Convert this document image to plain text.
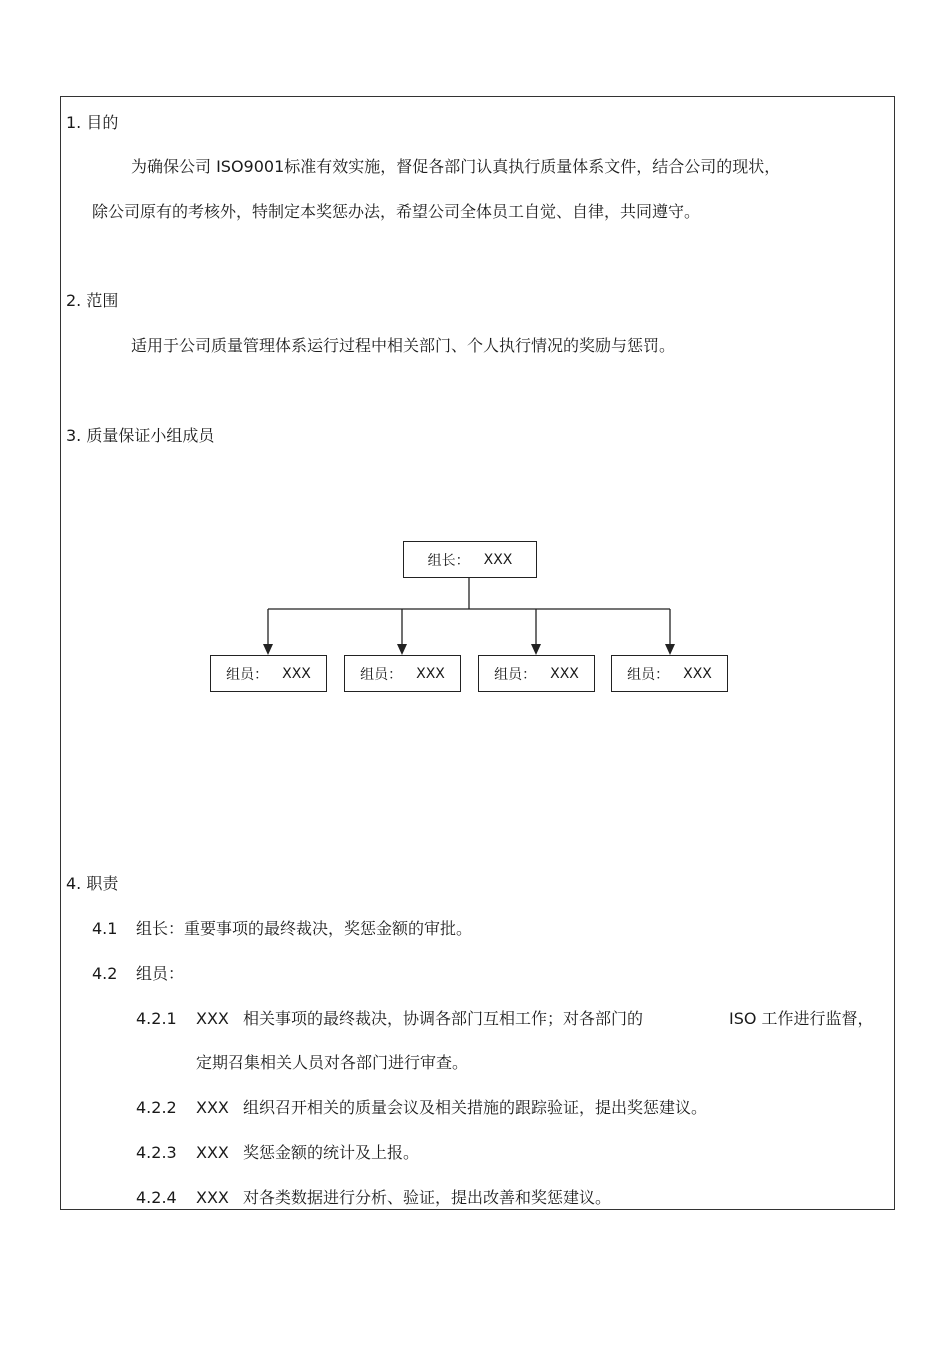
1. 目的
为确保公司 ISO9001标准有效实施，督促各部门认真执行质量体系文件，结合公司的现状，
除公司原有的考核外，特制定本奖惩办法，希望公司全体员工自觉、自律，共同遵守。
2. 范围
适用于公司质量管理体系运行过程中相关部门、个人执行情况的奖励与惩罚。
3. 质量保证小组成员
组长： XXX
组员： XXX	组员： XXX	组员： XXX	组员： XXX
4. 职责
4.1 组长：重要事项的最终裁决，奖惩金额的审批。
4.2 组员：
4.2.1 XXX 相关事项的最终裁决，协调各部门互相工作；对各部门的	ISO 工作进行监督，
定期召集相关人员对各部门进行审查。
4.2.2 XXX 组织召开相关的质量会议及相关措施的跟踪验证，提出奖惩建议。
4.2.3 XXX 奖惩金额的统计及上报。
4.2.4 XXX 对各类数据进行分析、验证，提出改善和奖惩建议。
